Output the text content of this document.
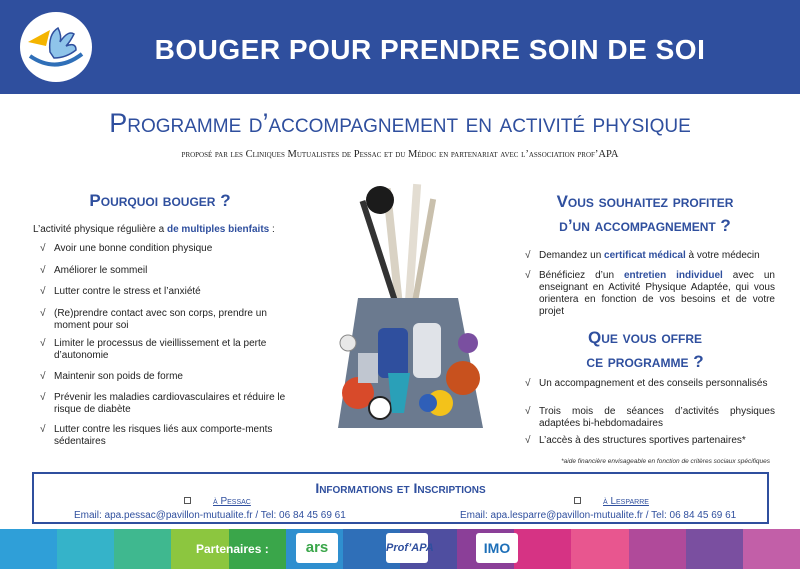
BOUGER POUR PRENDRE SOIN DE SOI
Programme d’accompagnement en activité physique
proposé par les Cliniques Mutualistes de Pessac et du Médoc en partenariat avec l’association prof’APA
Pourquoi bouger ?
L’activité physique régulière a de multiples bienfaits :
√ Avoir une bonne condition physique
√ Améliorer le sommeil
√ Lutter contre le stress et l’anxiété
√ (Re)prendre contact avec son corps, prendre un moment pour soi
√ Limiter le processus de vieillissement et la perte d’autonomie
√ Maintenir son poids de forme
√ Prévenir les maladies cardiovasculaires et réduire le risque de diabète
√ Lutter contre les risques liés aux comporte-ments sédentaires
Vous souhaitez profiter
d’un accompagnement ?
√ Demandez un certificat médical à votre médecin
√ Bénéficiez d’un entretien individuel avec un enseignant en Activité Physique Adaptée, qui vous orientera en fonction de vos besoins et de votre projet
Que vous offre
ce programme ?
√ Un accompagnement et des conseils personnalisés
√ Trois mois de séances d’activités physiques adaptées bi-hebdomadaires
√ L’accès à des structures sportives partenaires*
*aide financière envisageable en fonction de critères sociaux spécifiques
Informations et Inscriptions
à Pessac	à Lesparre
Email: apa.pessac@pavillon-mutualite.fr / Tel: 06 84 45 69 61	Email: apa.lesparre@pavillon-mutualite.fr / Tel: 06 84 45 69 61
Partenaires :	ars	Prof’APA	IMO
